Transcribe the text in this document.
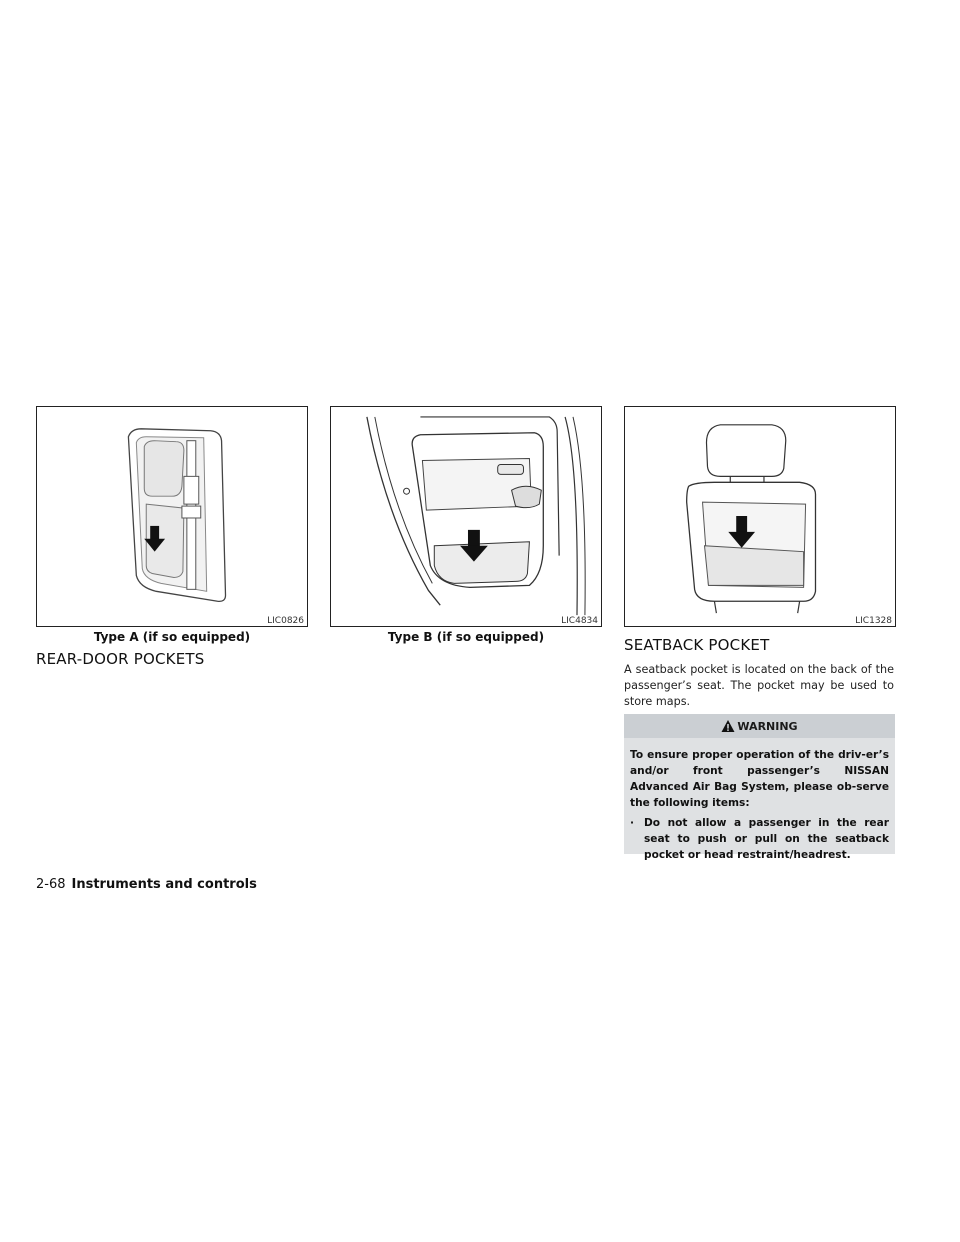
LIC0826	LIC4834	LIC1328
Type A (if so equipped)	Type B (if so equipped)
REAR-DOOR POCKETS
SEATBACK POCKET

A seatback pocket is located on the back of the passenger’s seat. The pocket may be used to store maps.

WARNING
To ensure proper operation of the driv-er’s and/or front passenger’s NISSAN Advanced Air Bag System, please ob-serve the following items:
· Do not allow a passenger in the rear seat to push or pull on the seatback pocket or head restraint/headrest.
2-68 Instruments and controls
